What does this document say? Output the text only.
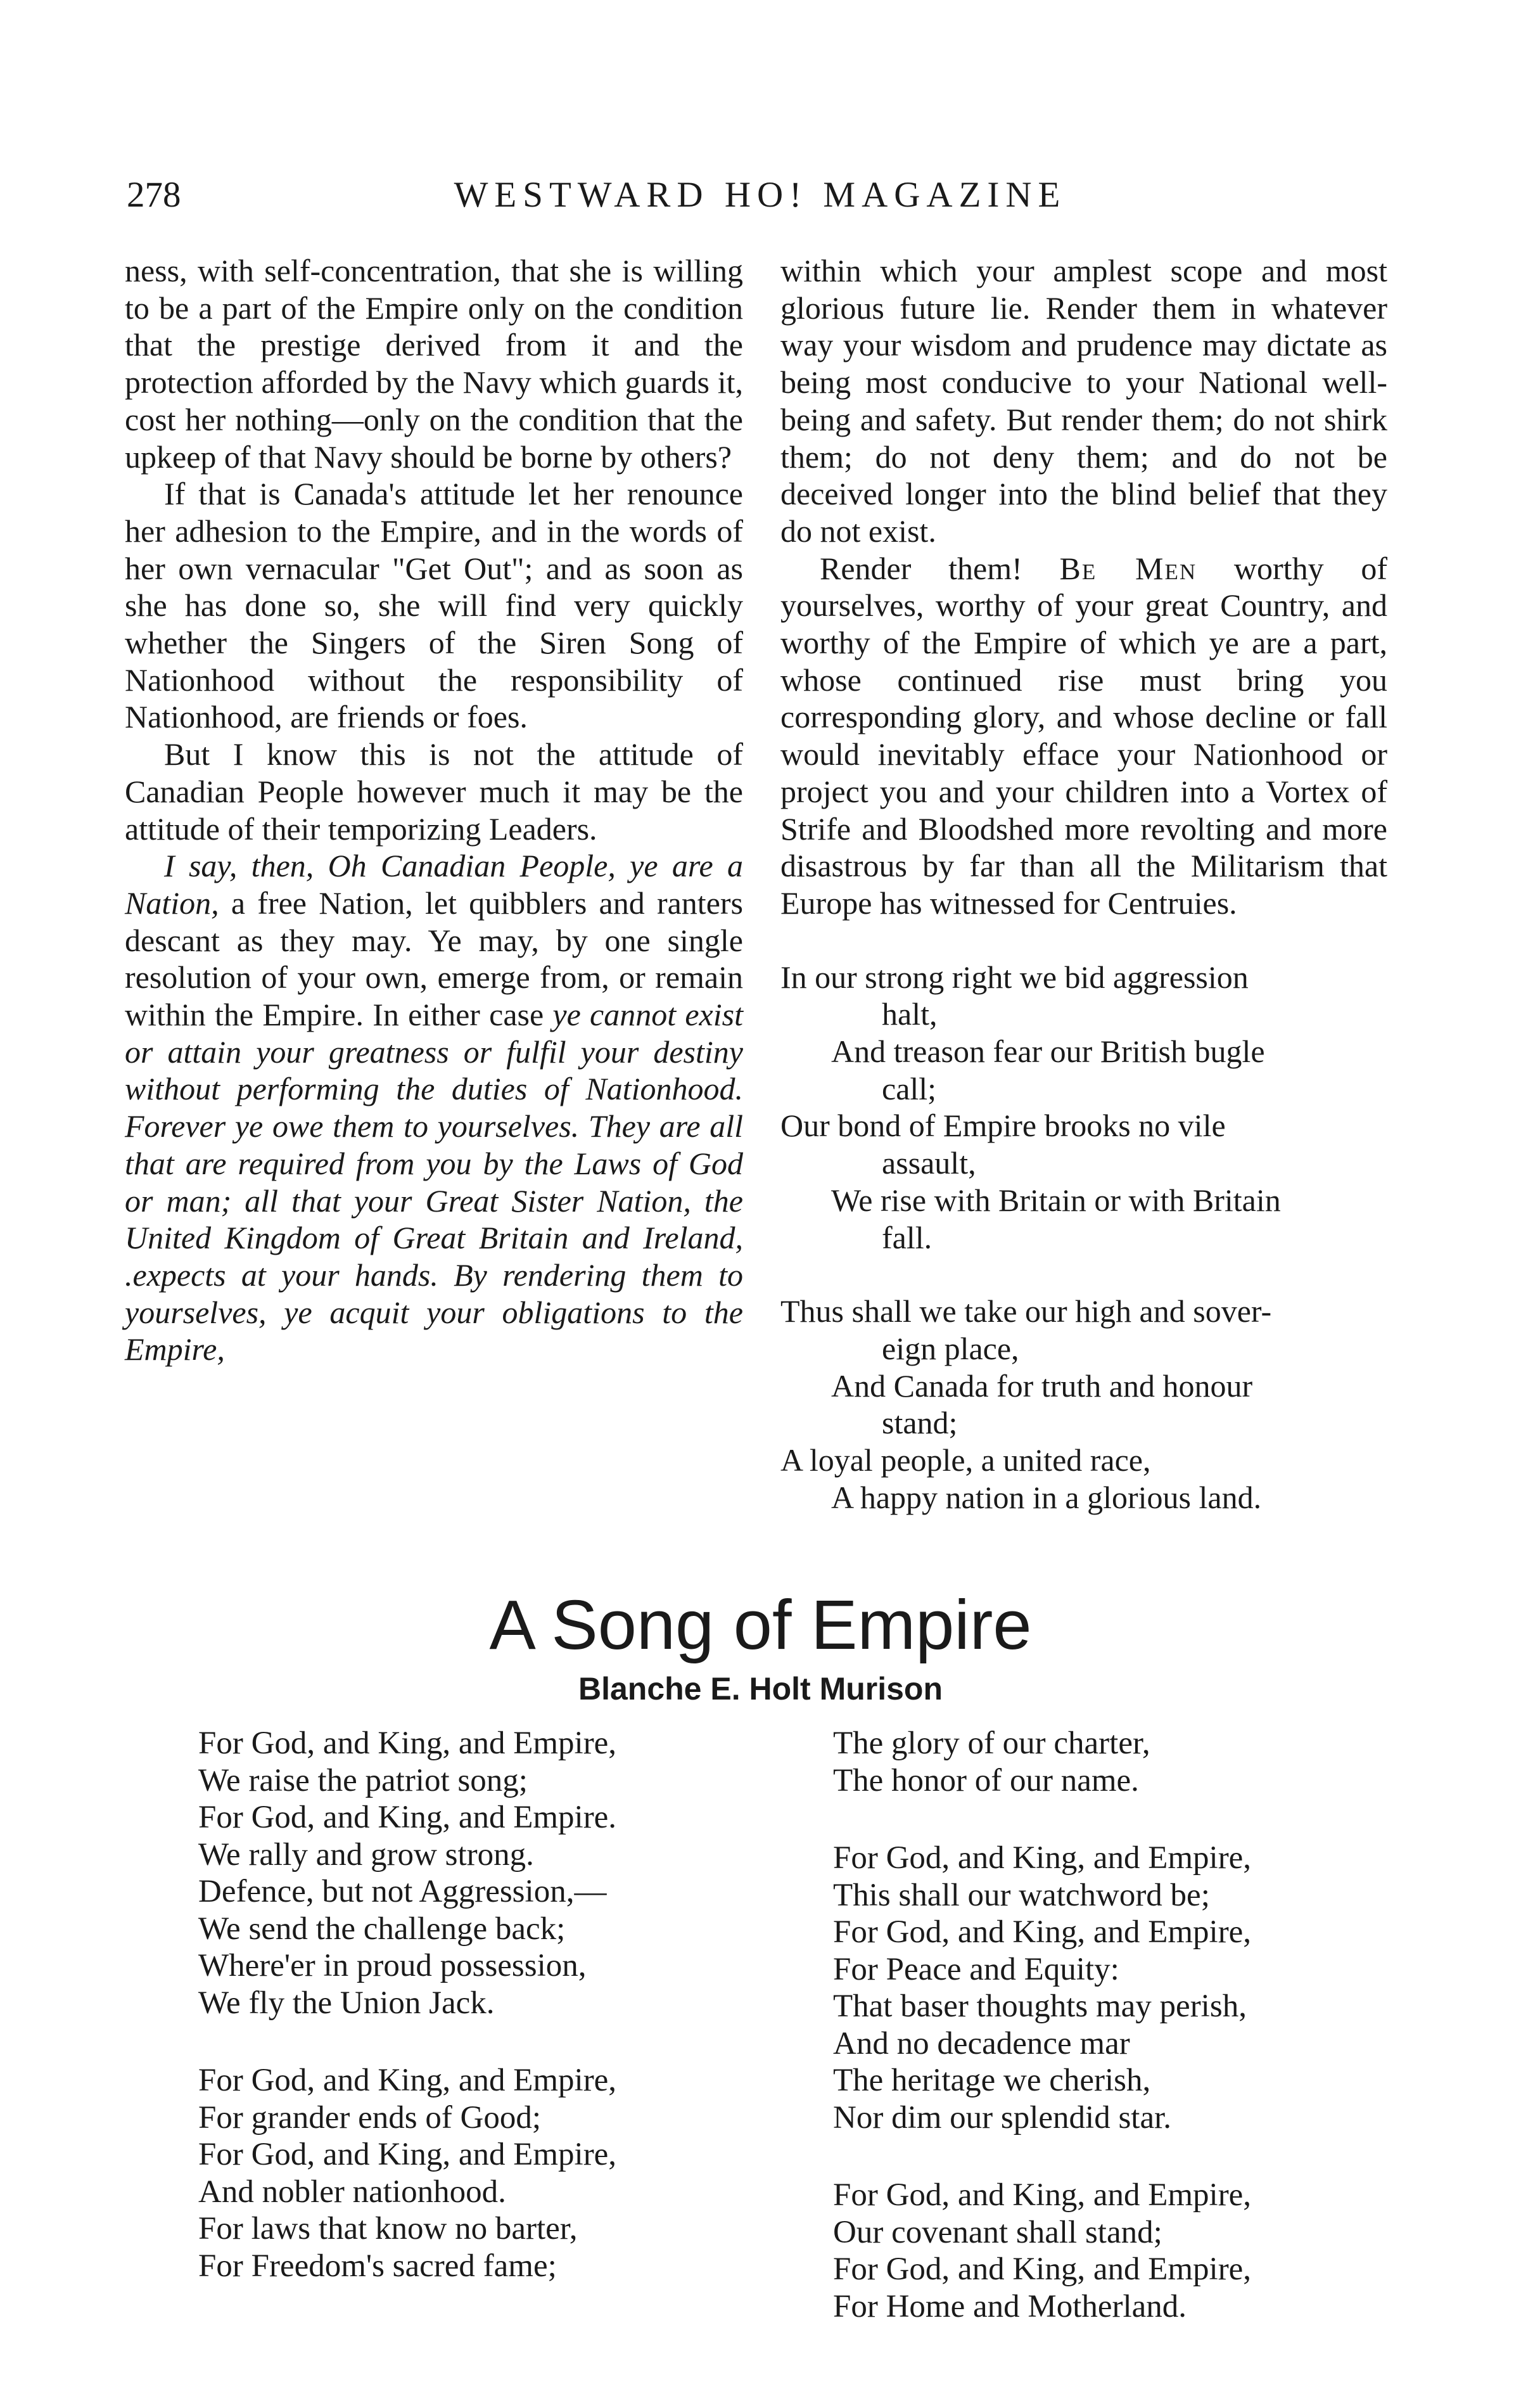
278	WESTWARD HO! MAGAZINE

ness, with self-concentration, that she is willing to be a part of the Empire only on the condition that the prestige derived from it and the protection afforded by the Navy which guards it, cost her nothing—only on the condition that the upkeep of that Navy should be borne by others?

If that is Canada's attitude let her renounce her adhesion to the Empire, and in the words of her own vernacular "Get Out"; and as soon as she has done so, she will find very quickly whether the Singers of the Siren Song of Nationhood without the responsibility of Nationhood, are friends or foes.

But I know this is not the attitude of Canadian People however much it may be the attitude of their temporizing Leaders.

I say, then, Oh Canadian People, ye are a Nation, a free Nation, let quibblers and ranters descant as they may. Ye may, by one single resolution of your own, emerge from, or remain within the Empire. In either case ye cannot exist or attain your greatness or fulfil your destiny without performing the duties of Nationhood. Forever ye owe them to yourselves. They are all that are required from you by the Laws of God or man; all that your Great Sister Nation, the United Kingdom of Great Britain and Ireland, .expects at your hands. By rendering them to yourselves, ye acquit your obligations to the Empire,

within which your amplest scope and most glorious future lie. Render them in whatever way your wisdom and prudence may dictate as being most conducive to your National well-being and safety. But render them; do not shirk them; do not deny them; and do not be deceived longer into the blind belief that they do not exist.

Render them! Be Men worthy of yourselves, worthy of your great Country, and worthy of the Empire of which ye are a part, whose continued rise must bring you corresponding glory, and whose decline or fall would inevitably efface your Nationhood or project you and your children into a Vortex of Strife and Bloodshed more revolting and more disastrous by far than all the Militarism that Europe has witnessed for Centruies.

In our strong right we bid aggression
halt,
And treason fear our British bugle
call;
Our bond of Empire brooks no vile
assault,
We rise with Britain or with Britain
fall.
Thus shall we take our high and sover-
eign place,
And Canada for truth and honour
stand;
A loyal people, a united race,
A happy nation in a glorious land.
A Song of Empire
Blanche E. Holt Murison
For God, and King, and Empire,
We raise the patriot song;
For God, and King, and Empire.
We rally and grow strong.
Defence, but not Aggression,—
We send the challenge back;
Where'er in proud possession,
We fly the Union Jack.
For God, and King, and Empire,
For grander ends of Good;
For God, and King, and Empire,
And nobler nationhood.
For laws that know no barter,
For Freedom's sacred fame;
The glory of our charter,
The honor of our name.
For God, and King, and Empire,
This shall our watchword be;
For God, and King, and Empire,
For Peace and Equity:
That baser thoughts may perish,
And no decadence mar
The heritage we cherish,
Nor dim our splendid star.
For God, and King, and Empire,
Our covenant shall stand;
For God, and King, and Empire,
For Home and Motherland.
